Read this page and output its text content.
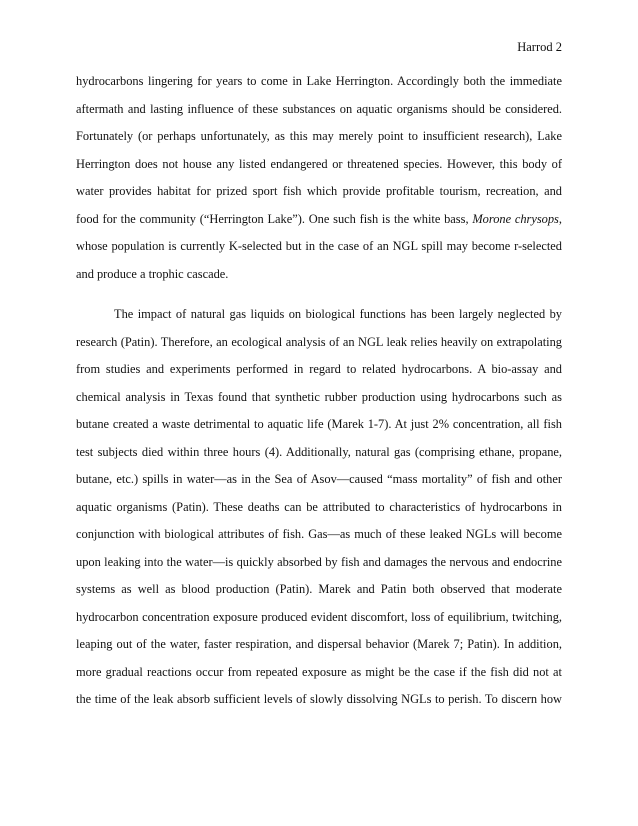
Harrod 2
hydrocarbons lingering for years to come in Lake Herrington. Accordingly both the immediate
aftermath and lasting influence of these substances on aquatic organisms should be considered.
Fortunately (or perhaps unfortunately, as this may merely point to insufficient research), Lake
Herrington does not house any listed endangered or threatened species. However, this body of
water provides habitat for prized sport fish which provide profitable tourism, recreation, and
food for the community (“Herrington Lake”). One such fish is the white bass, Morone chrysops,
whose population is currently K-selected but in the case of an NGL spill may become r-selected
and produce a trophic cascade.
The impact of natural gas liquids on biological functions has been largely neglected by
research (Patin). Therefore, an ecological analysis of an NGL leak relies heavily on extrapolating
from studies and experiments performed in regard to related hydrocarbons. A bio-assay and
chemical analysis in Texas found that synthetic rubber production using hydrocarbons such as
butane created a waste detrimental to aquatic life (Marek 1-7). At just 2% concentration, all fish
test subjects died within three hours (4). Additionally, natural gas (comprising ethane, propane,
butane, etc.) spills in water—as in the Sea of Asov—caused “mass mortality” of fish and other
aquatic organisms (Patin). These deaths can be attributed to characteristics of hydrocarbons in
conjunction with biological attributes of fish. Gas—as much of these leaked NGLs will become
upon leaking into the water—is quickly absorbed by fish and damages the nervous and endocrine
systems as well as blood production (Patin). Marek and Patin both observed that moderate
hydrocarbon concentration exposure produced evident discomfort, loss of equilibrium, twitching,
leaping out of the water, faster respiration, and dispersal behavior (Marek 7; Patin). In addition,
more gradual reactions occur from repeated exposure as might be the case if the fish did not at
the time of the leak absorb sufficient levels of slowly dissolving NGLs to perish. To discern how
